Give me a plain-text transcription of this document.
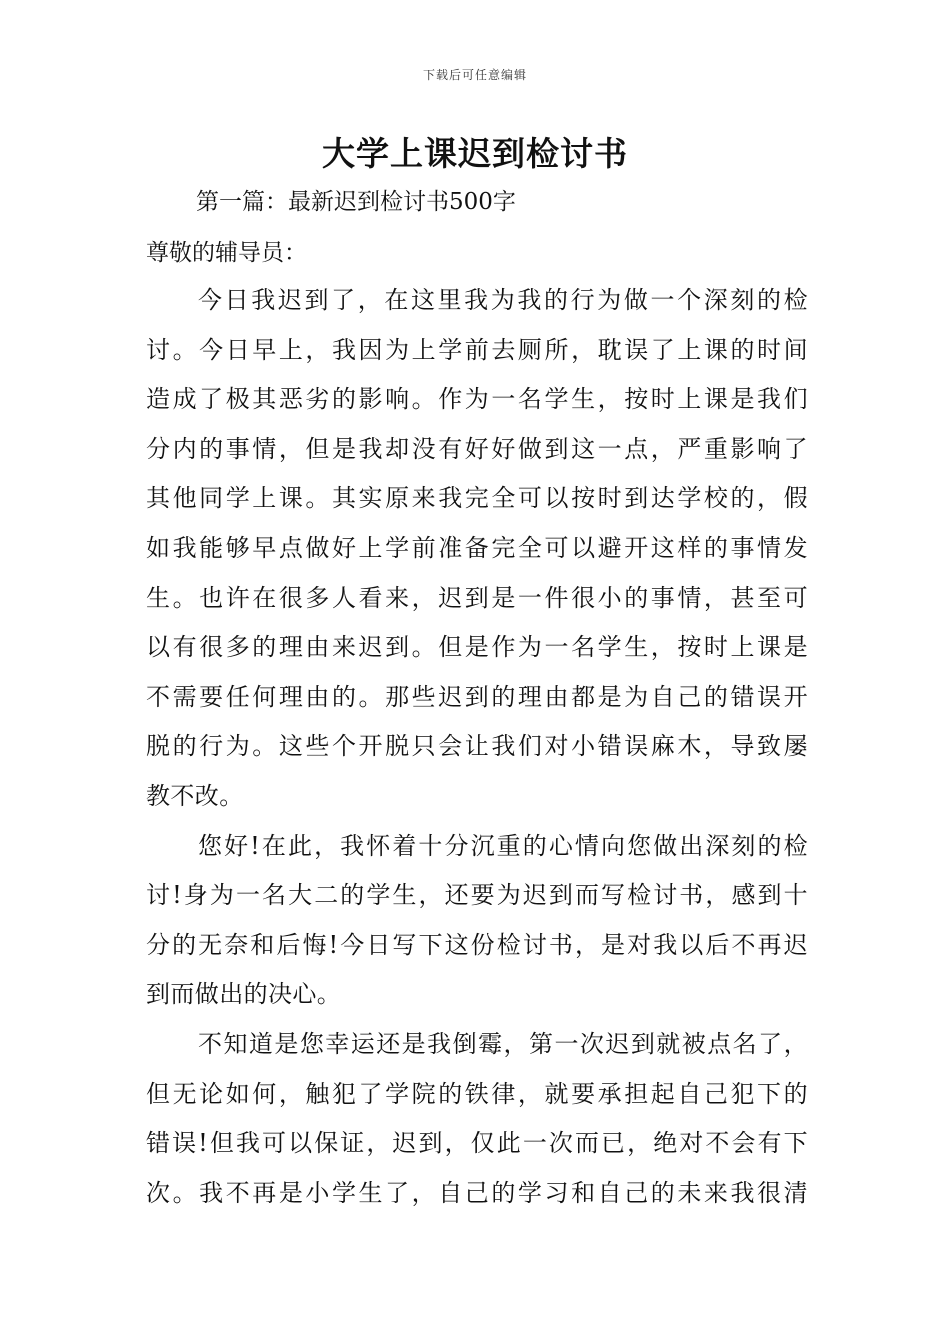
下载后可任意编辑
大学上课迟到检讨书
第一篇：最新迟到检讨书500字
尊敬的辅导员：
今日我迟到了，在这里我为我的行为做一个深刻的检
讨。今日早上，我因为上学前去厕所，耽误了上课的时间
造成了极其恶劣的影响。作为一名学生，按时上课是我们
分内的事情，但是我却没有好好做到这一点，严重影响了
其他同学上课。其实原来我完全可以按时到达学校的，假
如我能够早点做好上学前准备完全可以避开这样的事情发
生。也许在很多人看来，迟到是一件很小的事情，甚至可
以有很多的理由来迟到。但是作为一名学生，按时上课是
不需要任何理由的。那些迟到的理由都是为自己的错误开
脱的行为。这些个开脱只会让我们对小错误麻木，导致屡
教不改。
您好!在此，我怀着十分沉重的心情向您做出深刻的检
讨!身为一名大二的学生，还要为迟到而写检讨书，感到十
分的无奈和后悔!今日写下这份检讨书，是对我以后不再迟
到而做出的决心。
不知道是您幸运还是我倒霉，第一次迟到就被点名了，
但无论如何，触犯了学院的铁律，就要承担起自己犯下的
错误!但我可以保证，迟到，仅此一次而已，绝对不会有下
次。我不再是小学生了，自己的学习和自己的未来我很清
